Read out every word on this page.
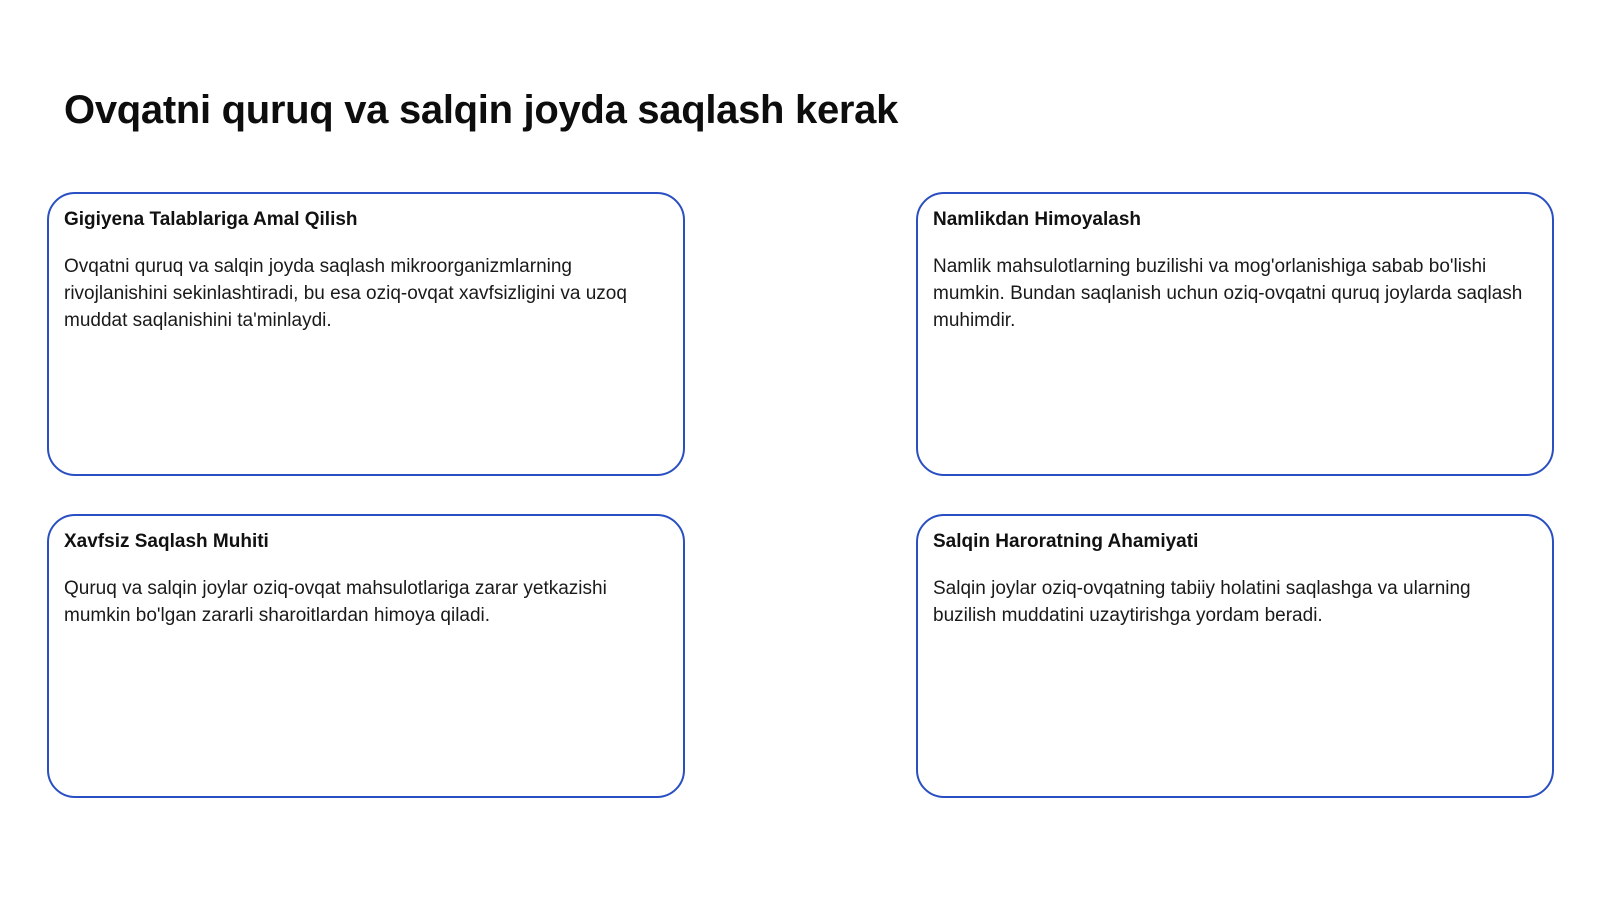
Ovqatni quruq va salqin joyda saqlash kerak
Gigiyena Talablariga Amal Qilish

Ovqatni quruq va salqin joyda saqlash mikroorganizmlarning rivojlanishini sekinlashtiradi, bu esa oziq-ovqat xavfsizligini va uzoq muddat saqlanishini ta'minlaydi.

Namlikdan Himoyalash

Namlik mahsulotlarning buzilishi va mog'orlanishiga sabab bo'lishi mumkin. Bundan saqlanish uchun oziq-ovqatni quruq joylarda saqlash muhimdir.

Xavfsiz Saqlash Muhiti

Quruq va salqin joylar oziq-ovqat mahsulotlariga zarar yetkazishi mumkin bo'lgan zararli sharoitlardan himoya qiladi.

Salqin Haroratning Ahamiyati

Salqin joylar oziq-ovqatning tabiiy holatini saqlashga va ularning buzilish muddatini uzaytirishga yordam beradi.
